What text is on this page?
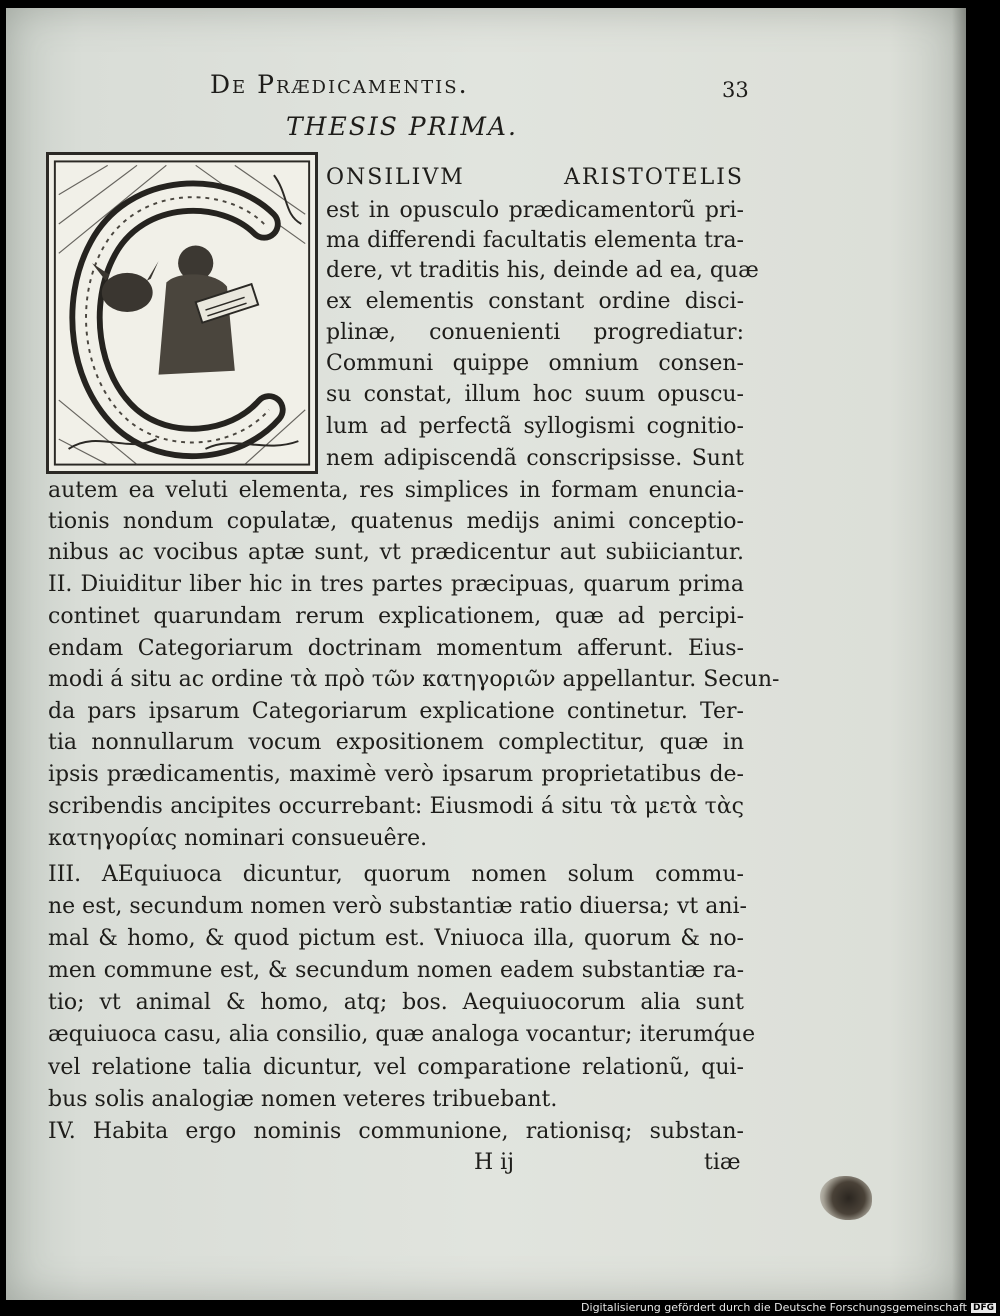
De Prædicamentis.	33
THESIS PRIMA.
ONSILIVM ARISTOTELIS
est in opusculo prædicamentorũ pri-
ma differendi facultatis elementa tra-
dere, vt traditis his, deinde ad ea, quæ
ex elementis constant ordine disci-
plinæ, conuenienti progrediatur:
Communi quippe omnium consen-
su constat, illum hoc suum opuscu-
lum ad perfectã syllogismi cognitio-
nem adipiscendã conscripsisse. Sunt
autem ea veluti elementa, res simplices in formam enuncia-
tionis nondum copulatæ, quatenus medijs animi conceptio-
nibus ac vocibus aptæ sunt, vt prædicentur aut subiiciantur.
II. Diuiditur liber hic in tres partes præcipuas, quarum prima
continet quarundam rerum explicationem, quæ ad percipi-
endam Categoriarum doctrinam momentum afferunt. Eius-
modi á situ ac ordine τὰ πρὸ τῶν κατηγοριῶν appellantur. Secun-
da pars ipsarum Categoriarum explicatione continetur. Ter-
tia nonnullarum vocum expositionem complectitur, quæ in
ipsis prædicamentis, maximè verò ipsarum proprietatibus de-
scribendis ancipites occurrebant: Eiusmodi á situ τὰ μετὰ τὰς
κατηγορίας nominari consueuêre.
III. AEquiuoca dicuntur, quorum nomen solum commu-
ne est, secundum nomen verò substantiæ ratio diuersa; vt ani-
mal & homo, & quod pictum est. Vniuoca illa, quorum & no-
men commune est, & secundum nomen eadem substantiæ ra-
tio; vt animal & homo, atq; bos. Aequiuocorum alia sunt
æquiuoca casu, alia consilio, quæ analoga vocantur; iterumq́ue
vel relatione talia dicuntur, vel comparatione relationũ, qui-
bus solis analogiæ nomen veteres tribuebant.
IV. Habita ergo nominis communione, rationisq; substan-
H ij	tiæ
Digitalisierung gefördert durch die Deutsche Forschungsgemeinschaft DFG
